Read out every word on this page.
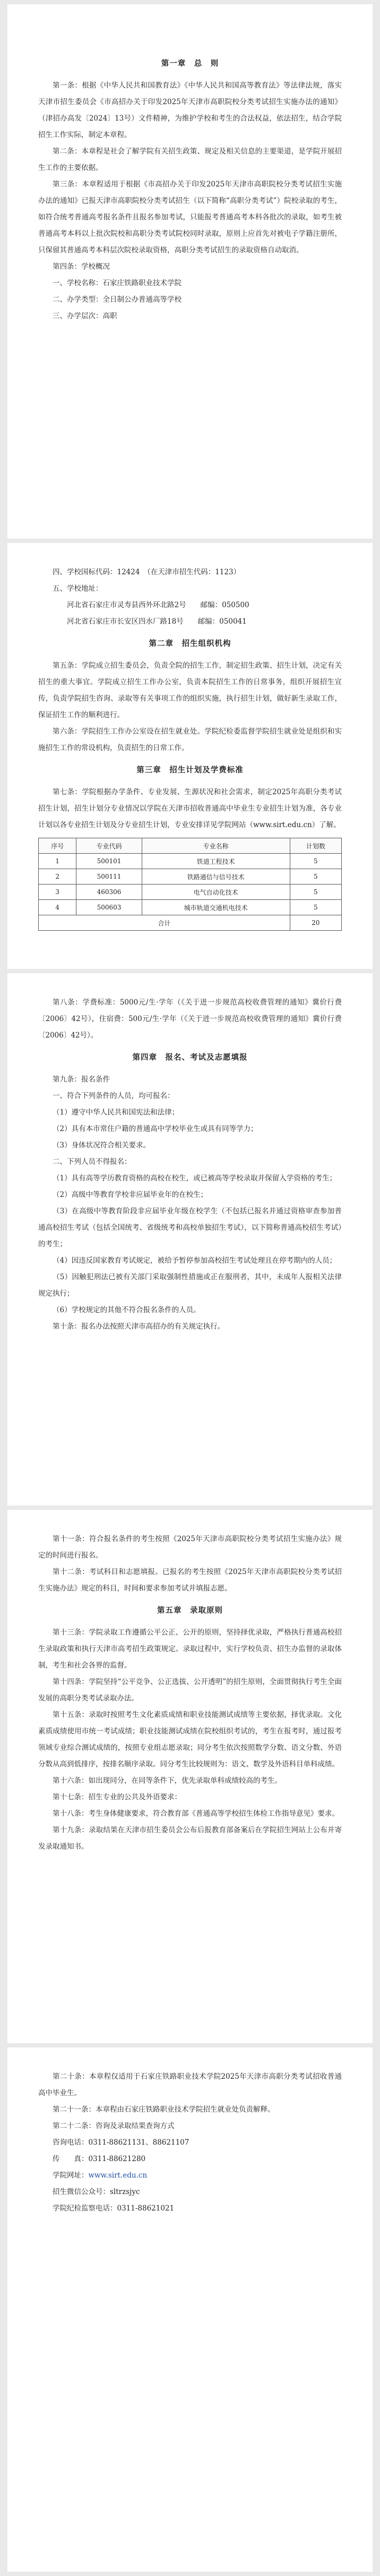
第一章　总　则

第一条：根据《中华人民共和国教育法》《中华人民共和国高等教育法》等法律法规，落实天津市招生委员会《市高招办关于印发2025年天津市高职院校分类考试招生实施办法的通知》（津招办高发〔2024〕13号）文件精神，为维护学校和考生的合法权益，依法招生，结合学院招生工作实际，制定本章程。

第二条：本章程是社会了解学院有关招生政策、规定及相关信息的主要渠道，是学院开展招生工作的主要依据。

第三条：本章程适用于根据《市高招办关于印发2025年天津市高职院校分类考试招生实施办法的通知》已报天津市高职院校分类考试招生（以下简称“高职分类考试”）院校录取的考生，如符合统考普通高考报名条件且报名参加考试，只能报考普通高考本科各批次的录取，如考生被普通高考本科以上批次院校和高职分类考试院校同时录取，原则上应首先对被电子学籍注册所，只保留其普通高考本科层次院校录取资格，高职分类考试招生的录取资格自动取消。

第四条：学校概况

一、学校名称：石家庄铁路职业技术学院

二、办学类型：全日制公办普通高等学校

三、办学层次：高职

四、学校国标代码：12424　（在天津市招生代码：1123）

五、学校地址：

河北省石家庄市灵寿县西外环北路2号　　邮编：050500

河北省石家庄市长安区四水厂路18号　　邮编：050041

第二章　招生组织机构

第五条：学院成立招生委员会，负责全院的招生工作，制定招生政策、招生计划，决定有关招生的重大事宜。学院成立招生工作办公室，负责本院招生工作的日常事务，组织开展招生宣传，负责学院招生咨询、录取等有关事项工作的组织实施，执行招生计划，做好新生录取工作，保证招生工作的顺利进行。

第六条：学院招生工作办公室设在招生就业处。学院纪检委监督学院招生就业处是组织和实施招生工作的常设机构，负责招生的日常工作。

第三章　招生计划及学费标准

第七条：学院根据办学条件、专业发展、生源状况和社会需求，制定2025年高职分类考试招生计划，招生计划分专业情况以学院在天津市招收普通高中毕业生专业招生计划为准，各专业计划以各专业招生计划及分专业招生计划，专业安排详见学院网站（www.sirt.edu.cn）了解。

序号	专业代码	专业名称	计划数
1	500101	铁道工程技术	5
2	500111	铁路通信与信号技术	5
3	460306	电气自动化技术	5
4	500603	城市轨道交通机电技术	5
合计			20

第八条：学费标准：5000元/生·学年（《关于进一步规范高校收费管理的通知》冀价行费〔2006〕42号），住宿费：500元/生·学年（《关于进一步规范高校收费管理的通知》冀价行费〔2006〕42号）。

第四章　报名、考试及志愿填报

第九条：报名条件

一、符合下列条件的人员，均可报名：

（1）遵守中华人民共和国宪法和法律；

（2）具有本市常住户籍的普通高中学校毕业生或具有同等学力；

（3）身体状况符合相关要求。

二、下列人员不得报名：

（1）具有高等学历教育资格的高校在校生，或已被高等学校录取并保留入学资格的考生；

（2）高级中等教育学校非应届毕业年的在校生；

（3）在高级中等教育阶段非应届毕业年级在校学生（不包括已报名并通过资格审查参加普通高校招生考试（包括全国统考、省级统考和高校单独招生考试），以下简称普通高校招生考试）的考生；

（4）因违反国家教育考试规定，被给予暂停参加高校招生考试处理且在停考期内的人员；

（5）因触犯刑法已被有关部门采取强制性措施或正在服刑者，其中，未成年人报相关法律规定执行；

（6）学校规定的其他不符合报名条件的人员。

第十条：报名办法按照天津市高招办的有关规定执行。

第十一条：符合报名条件的考生按照《2025年天津市高职院校分类考试招生实施办法》规定的时间进行报名。

第十二条：考试科目和志愿填报。已报名的考生按照《2025年天津市高职院校分类考试招生实施办法》规定的科目，时间和要求参加考试并填报志愿。

第五章　录取原则

第十三条：学院录取工作遵循公平公正、公开的原则，坚持择优录取，严格执行普通高校招生录取政策和执行天津市高考招生政策规定。录取过程中，实行学校负责、招生办监督的录取体制，考生和社会各界的监督。

第十四条：学院坚持“公平竞争、公正选拔、公开透明”的招生原则，全面贯彻执行考生全面发展的高职分类考试录取办法。

第十五条：录取时按照考生文化素质成绩和职业技能测试成绩等主要依据，择优录取。文化素质成绩使用市统一考试成绩；职业技能测试成绩在院校组织考试的，考生在报考时，通过报考领域专业综合测试成绩的，按照专业组志愿录取；同分考生依次按照数学分数、语文分数、外语分数从高到低排序，按排名顺序录取。同分考生比较规则为：语文、数学及外语科目单科成绩。

第十六条：如出现同分，在同等条件下，优先录取单科成绩较高的考生。

第十七条：招生专业的公共及外语要求：

第十八条：考生身体健康要求，符合教育部《普通高等学校招生体检工作指导意见》要求。

第十九条：录取结果在天津市招生委员会公布后报教育部备案后在学院招生网站上公布并寄发录取通知书。

第二十条：本章程仅适用于石家庄铁路职业技术学院2025年天津市高职分类考试招收普通高中毕业生。

第二十一条：本章程由石家庄铁路职业技术学院招生就业处负责解释。

第二十二条：咨询及录取结果查询方式

咨询电话：0311-88621131、88621107

传　　真：0311-88621280

学院网址：www.sirt.edu.cn

招生微信公众号：sltrzsjyc

学院纪检监察电话：0311-88621021
